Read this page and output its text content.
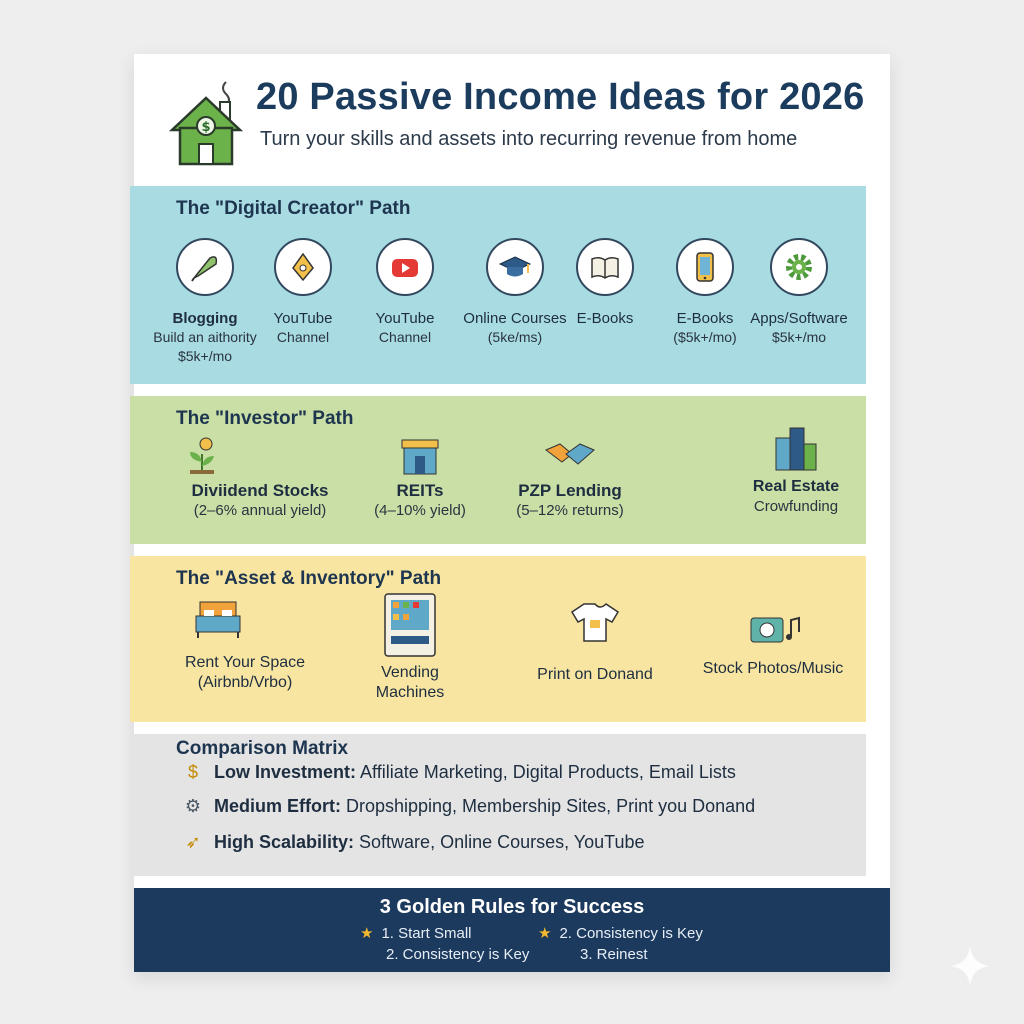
$
20 Passive Income Ideas for 2026
Turn your skills and assets into recurring revenue from home
The "Digital Creator" Path
Blogging
Build an aithority
$5k+/mo
YouTube
Channel
YouTube
Channel
Online Courses
(5ke/ms)
E-Books	E-Books
($5k+/mo)
Apps/Software
$5k+/mo
The "Investor" Path
Diviidend Stocks
(2–6% annual yield)
REITs
(4–10% yield)
PZP Lending
(5–12% returns)
Real Estate
Crowfunding
The "Asset & Inventory" Path
Rent Your Space
(Airbnb/Vrbo)
Vending
Machines
Print on Donand	Stock Photos/Music
Comparison Matrix
$ Low Investment: Affiliate Marketing, Digital Products, Email Lists
⚙ Medium Effort: Dropshipping, Membership Sites, Print you Donand
➶ High Scalability: Software, Online Courses, YouTube
3 Golden Rules for Success
★ 1. Start Small	★ 2. Consistency is Key
2. Consistency is Key	3. Reinest
